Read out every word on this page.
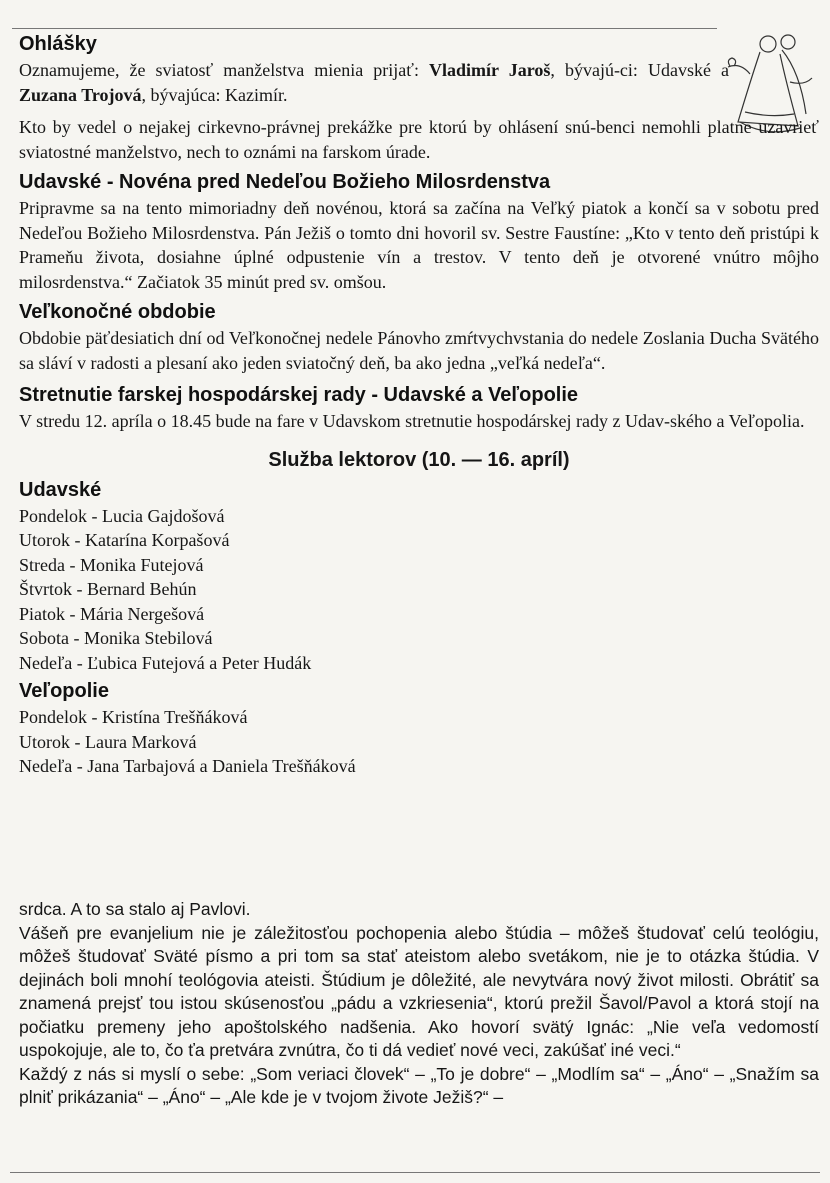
Ohlášky

Oznamujeme, že sviatosť manželstva mienia prijať: Vladimír Jaroš, bývajú-ci: Udavské a Zuzana Trojová, bývajúca: Kazimír.

Kto by vedel o nejakej cirkevno-právnej prekážke pre ktorú by ohlásení snú-benci nemohli platne uzavrieť sviatostné manželstvo, nech to oznámi na farskom úrade.

Udavské - Novéna pred Nedeľou Božieho Milosrdenstva

Pripravme sa na tento mimoriadny deň novénou, ktorá sa začína na Veľký piatok a končí sa v sobotu pred Nedeľou Božieho Milosrdenstva. Pán Ježiš o tomto dni hovoril sv. Sestre Faustíne: „Kto v tento deň pristúpi k Prameňu života, dosiahne úplné odpustenie vín a trestov. V tento deň je otvorené vnútro môjho milosrdenstva.“ Začiatok 35 minút pred sv. omšou.

Veľkonočné obdobie

Obdobie päťdesiatich dní od Veľkonočnej nedele Pánovho zmŕtvychvstania do nedele Zoslania Ducha Svätého sa sláví v radosti a plesaní ako jeden sviatočný deň, ba ako jedna „veľká nedeľa“.

Stretnutie farskej hospodárskej rady - Udavské a Veľopolie

V stredu 12. apríla o 18.45 bude na fare v Udavskom stretnutie hospodárskej rady z Udav-ského a Veľopolia.

Služba lektorov (10. — 16. apríl)
Udavské
Pondelok - Lucia Gajdošová
Utorok - Katarína Korpašová
Streda - Monika Futejová
Štvrtok - Bernard Behún
Piatok - Mária Nergešová
Sobota - Monika Stebilová
Nedeľa - Ľubica Futejová a Peter Hudák
Veľopolie
Pondelok - Kristína Trešňáková
Utorok - Laura Marková
Nedeľa - Jana Tarbajová a Daniela Trešňáková

srdca. A to sa stalo aj Pavlovi.

Vášeň pre evanjelium nie je záležitosťou pochopenia alebo štúdia – môžeš študovať celú teológiu, môžeš študovať Sväté písmo a pri tom sa stať ateistom alebo svetákom, nie je to otázka štúdia. V dejinách boli mnohí teológovia ateisti. Štúdium je dôležité, ale nevytvára nový život milosti. Obrátiť sa znamená prejsť tou istou skúsenosťou „pádu a vzkriesenia“, ktorú prežil Šavol/Pavol a ktorá stojí na počiatku premeny jeho apoštolského nadšenia. Ako hovorí svätý Ignác: „Nie veľa vedomostí uspokojuje, ale to, čo ťa pretvára zvnútra, čo ti dá vedieť nové veci, zakúšať iné veci.“

Každý z nás si myslí o sebe: „Som veriaci človek“ – „To je dobre“ – „Modlím sa“ – „Áno“ – „Snažím sa plniť prikázania“ – „Áno“ – „Ale kde je v tvojom živote Ježiš?“ –
